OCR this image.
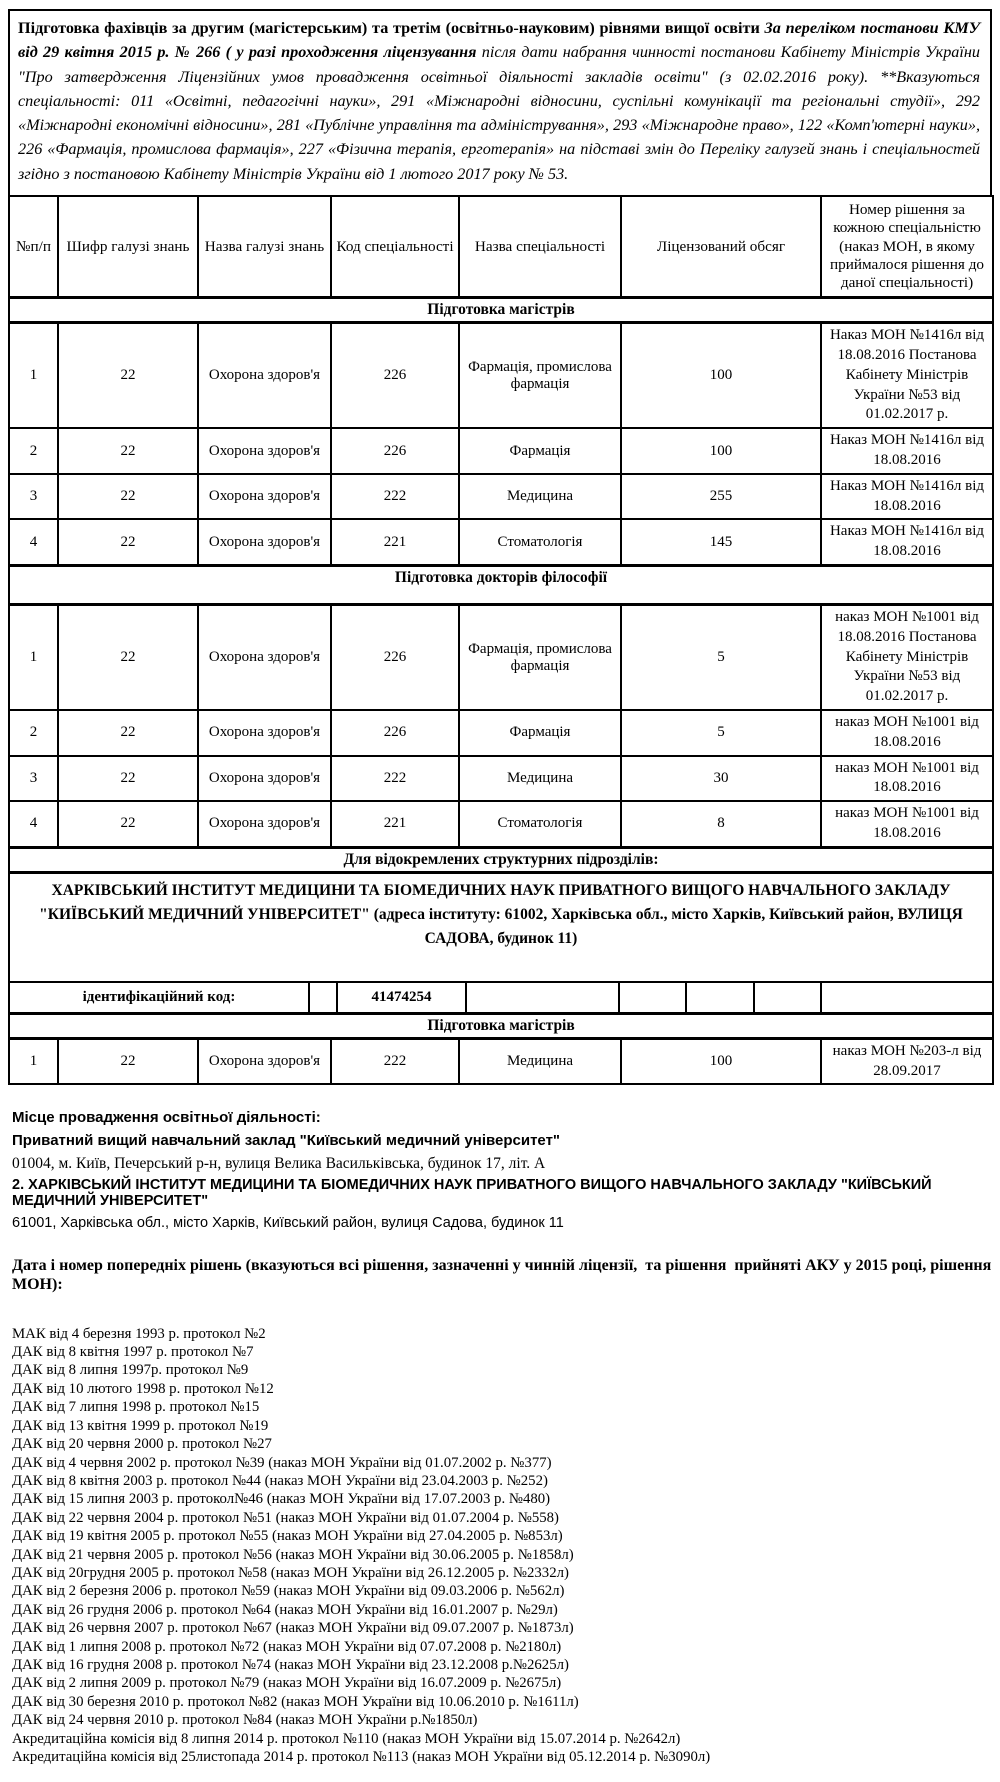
Підготовка фахівців за другим (магістерським) та третім (освітньо-науковим) рівнями вищої освіти За переліком постанови КМУ від 29 квітня 2015 р. № 266 ( у разі проходження ліцензування після дати набрання чинності постанови Кабінету Міністрів України "Про затвердження Ліцензійних умов провадження освітньої діяльності закладів освіти" (з 02.02.2016 року). **Вказуються спеціальності: 011 «Освітні, педагогічні науки», 291 «Міжнародні відносини, суспільні комунікації та регіональні студії», 292 «Міжнародні економічні відносини», 281 «Публічне управління та адміністрування», 293 «Міжнародне право», 122 «Комп'ютерні науки», 226 «Фармація, промислова фармація», 227 «Фізична терапія, ерготерапія» на підставі змін до Переліку галузей знань і спеціальностей згідно з постановою Кабінету Міністрів України від 1 лютого 2017 року № 53.
№п/п	Шифр галузі знань	Назва галузі знань	Код спеціальності	Назва спеціальності	Ліцензований обсяг	Номер рішення за кожною спеціальністю (наказ МОН, в якому приймалося рішення до даної спеціальності)
Підготовка магістрів						
1	22	Охорона здоров'я	226	Фармація, промислова фармація	100	Наказ МОН №1416л від 18.08.2016 Постанова Кабінету Міністрів України №53 від 01.02.2017 р.
2	22	Охорона здоров'я	226	Фармація	100	Наказ МОН №1416л від 18.08.2016
3	22	Охорона здоров'я	222	Медицина	255	Наказ МОН №1416л від 18.08.2016
4	22	Охорона здоров'я	221	Стоматологія	145	Наказ МОН №1416л від 18.08.2016
Підготовка докторів філософії						
1	22	Охорона здоров'я	226	Фармація, промислова фармація	5	наказ МОН №1001 від 18.08.2016 Постанова Кабінету Міністрів України №53 від 01.02.2017 р.
2	22	Охорона здоров'я	226	Фармація	5	наказ МОН №1001 від 18.08.2016
3	22	Охорона здоров'я	222	Медицина	30	наказ МОН №1001 від 18.08.2016
4	22	Охорона здоров'я	221	Стоматологія	8	наказ МОН №1001 від 18.08.2016
Для відокремлених структурних підрозділів:						
ХАРКІВСЬКИЙ ІНСТИТУТ МЕДИЦИНИ ТА БІОМЕДИЧНИХ НАУК ПРИВАТНОГО ВИЩОГО НАВЧАЛЬНОГО ЗАКЛАДУ "КИЇВСЬКИЙ МЕДИЧНИЙ УНІВЕРСИТЕТ" (адреса інституту: 61002, Харківська обл., місто Харків, Київський район, ВУЛИЦЯ САДОВА, будинок 11)						
ідентифікаційний код:		41474254					
Підготовка магістрів
1	22	Охорона здоров'я	222	Медицина	100	наказ МОН №203-л від 28.09.2017
Місце провадження освітньої діяльності:
Приватний вищий навчальний заклад "Київський медичний університет"
01004, м. Київ, Печерський р-н, вулиця Велика Васильківська, будинок 17, літ. А
2. ХАРКІВСЬКИЙ ІНСТИТУТ МЕДИЦИНИ ТА БІОМЕДИЧНИХ НАУК ПРИВАТНОГО ВИЩОГО НАВЧАЛЬНОГО ЗАКЛАДУ "КИЇВСЬКИЙ МЕДИЧНИЙ УНІВЕРСИТЕТ"
61001, Харківська обл., місто Харків, Київський район, вулиця Садова, будинок 11
Дата і номер попередніх рішень (вказуються всі рішення, зазначенні у чинній ліцензії,  та рішення  прийняті АКУ у 2015 році, рішення МОН):
МАК від 4 березня 1993 р. протокол №2
ДАК від 8 квітня 1997 р. протокол №7
ДАК від 8 липня 1997р. протокол №9
ДАК від 10 лютого 1998 р. протокол №12
ДАК від 7 липня 1998 р. протокол №15
ДАК від 13 квітня 1999 р. протокол №19
ДАК від 20 червня 2000 р. протокол №27
ДАК від 4 червня 2002 р. протокол №39 (наказ МОН України від 01.07.2002 р. №377)
ДАК від 8 квітня 2003 р. протокол №44 (наказ МОН України від 23.04.2003 р. №252)
ДАК від 15 липня 2003 р. протокол№46 (наказ МОН України від 17.07.2003 р. №480)
ДАК від 22 червня 2004 р. протокол №51 (наказ МОН України від 01.07.2004 р. №558)
ДАК від 19 квітня 2005 р. протокол №55 (наказ МОН України від 27.04.2005 р. №853л)
ДАК від 21 червня 2005 р. протокол №56 (наказ МОН України від 30.06.2005 р. №1858л)
ДАК від 20грудня 2005 р. протокол №58 (наказ МОН України від 26.12.2005 р. №2332л)
ДАК від 2 березня 2006 р. протокол №59 (наказ МОН України від 09.03.2006 р. №562л)
ДАК від 26 грудня 2006 р. протокол №64 (наказ МОН України від 16.01.2007 р. №29л)
ДАК від 26 червня 2007 р. протокол №67 (наказ МОН України від 09.07.2007 р. №1873л)
ДАК від 1 липня 2008 р. протокол №72 (наказ МОН України від 07.07.2008 р. №2180л)
ДАК від 16 грудня 2008 р. протокол №74 (наказ МОН України від 23.12.2008 р.№2625л)
ДАК від 2 липня 2009 р. протокол №79 (наказ МОН України від 16.07.2009 р. №2675л)
ДАК від 30 березня 2010 р. протокол №82 (наказ МОН України від 10.06.2010 р. №1611л)
ДАК від 24 червня 2010 р. протокол №84 (наказ МОН України р.№1850л)
Акредитаційна комісія від 8 липня 2014 р. протокол №110 (наказ МОН України від 15.07.2014 р. №2642л)
Акредитаційна комісія від 25листопада 2014 р. протокол №113 (наказ МОН України від 05.12.2014 р. №3090л)
